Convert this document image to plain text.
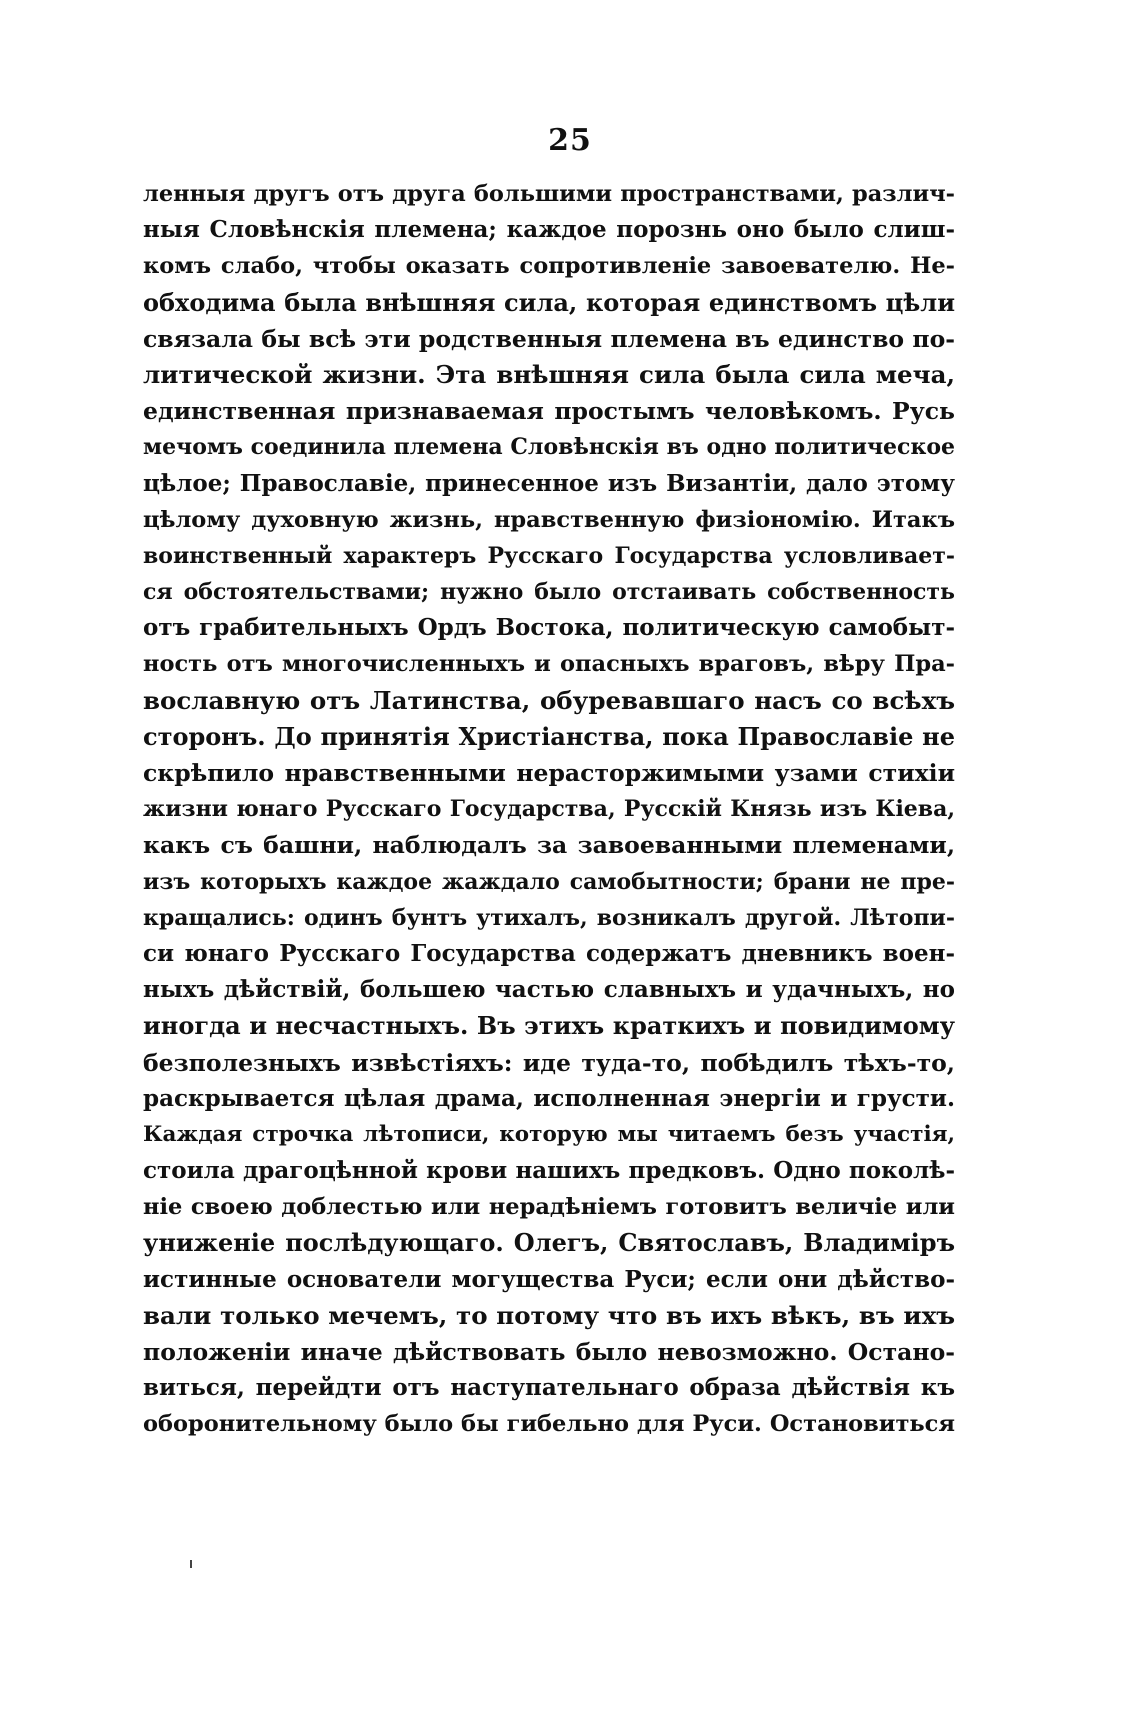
25
ленныя другъ отъ друга большими пространствами, различ-
ныя Словѣнскія племена; каждое порознь оно было слиш-
комъ слабо, чтобы оказать сопротивленіе завоевателю. Не-
обходима была внѣшняя сила, которая единствомъ цѣли
связала бы всѣ эти родственныя племена въ единство по-
литической жизни. Эта внѣшняя сила была сила меча,
единственная признаваемая простымъ человѣкомъ. Русь
мечомъ соединила племена Словѣнскія въ одно политическое
цѣлое; Православіе, принесенное изъ Византіи, дало этому
цѣлому духовную жизнь, нравственную физіономію. Итакъ
воинственный характеръ Русскаго Государства условливает-
ся обстоятельствами; нужно было отстаивать собственность
отъ грабительныхъ Ордъ Востока, политическую самобыт-
ность отъ многочисленныхъ и опасныхъ враговъ, вѣру Пра-
вославную отъ Латинства, обуревавшаго насъ со всѣхъ
сторонъ. До принятія Христіанства, пока Православіе не
скрѣпило нравственными нерасторжимыми узами стихіи
жизни юнаго Русскаго Государства, Русскій Князь изъ Кіева,
какъ съ башни, наблюдалъ за завоеванными племенами,
изъ которыхъ каждое жаждало самобытности; брани не пре-
кращались: одинъ бунтъ утихалъ, возникалъ другой. Лѣтопи-
си юнаго Русскаго Государства содержатъ дневникъ воен-
ныхъ дѣйствій, большею частью славныхъ и удачныхъ, но
иногда и несчастныхъ. Въ этихъ краткихъ и повидимому
безполезныхъ извѣстіяхъ: иде туда-то, побѣдилъ тѣхъ-то,
раскрывается цѣлая драма, исполненная энергіи и грусти.
Каждая строчка лѣтописи, которую мы читаемъ безъ участія,
стоила драгоцѣнной крови нашихъ предковъ. Одно поколѣ-
ніе своею доблестью или нерадѣніемъ готовитъ величіе или
униженіе послѣдующаго. Олегъ, Святославъ, Владиміръ
истинные основатели могущества Руси; если они дѣйство-
вали только мечемъ, то потому что въ ихъ вѣкъ, въ ихъ
положеніи иначе дѣйствовать было невозможно. Остано-
виться, перейдти отъ наступательнаго образа дѣйствія къ
оборонительному было бы гибельно для Руси. Остановиться
